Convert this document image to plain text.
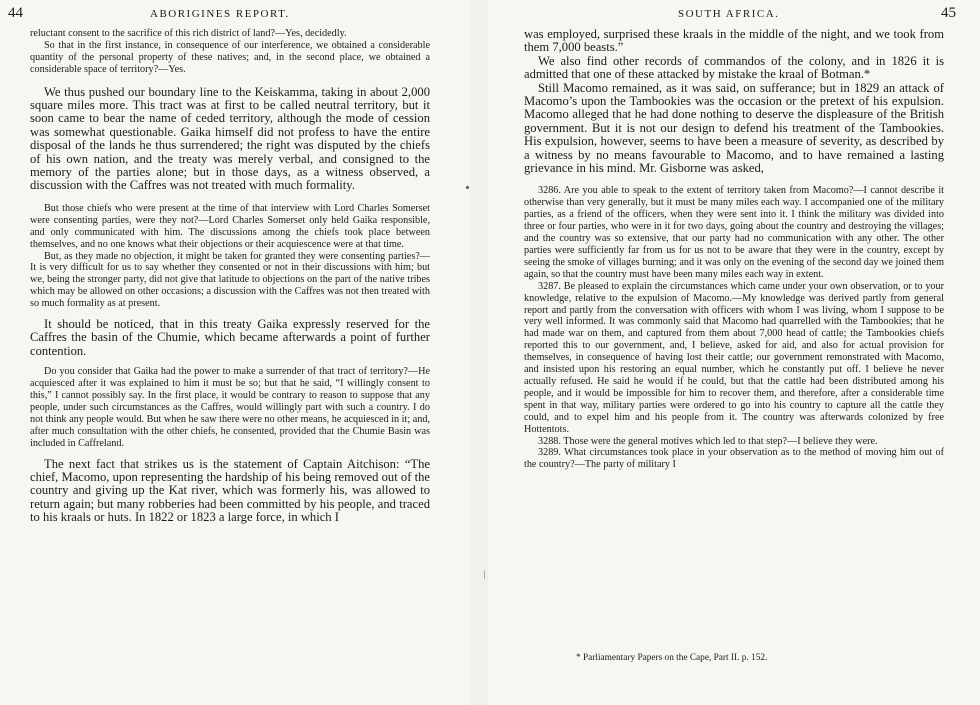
44	ABORIGINES REPORT.

reluctant consent to the sacrifice of this rich district of land?—Yes, decidedly.

So that in the first instance, in consequence of our interference, we obtained a considerable quantity of the personal property of these natives; and, in the second place, we obtained a considerable space of territory?—Yes.

We thus pushed our boundary line to the Keiskamma, taking in about 2,000 square miles more. This tract was at first to be called neutral territory, but it soon came to bear the name of ceded territory, although the mode of cession was somewhat questionable. Gaika himself did not profess to have the entire disposal of the lands he thus surrendered; the right was disputed by the chiefs of his own nation, and the treaty was merely verbal, and consigned to the memory of the parties alone; but in those days, as a witness observed, a discussion with the Caffres was not treated with much formality.

But those chiefs who were present at the time of that interview with Lord Charles Somerset were consenting parties, were they not?—Lord Charles Somerset only held Gaika responsible, and only communicated with him. The discussions among the chiefs took place between themselves, and no one knows what their objections or their acquiescence were at that time.

But, as they made no objection, it might be taken for granted they were consenting parties?—It is very difficult for us to say whether they consented or not in their discussions with him; but we, being the stronger party, did not give that latitude to objections on the part of the native tribes which may be allowed on other occasions; a discussion with the Caffres was not then treated with so much formality as at present.

It should be noticed, that in this treaty Gaika expressly reserved for the Caffres the basin of the Chumie, which became afterwards a point of further contention.

Do you consider that Gaika had the power to make a surrender of that tract of territory?—He acquiesced after it was explained to him it must be so; but that he said, “I willingly consent to this,” I cannot possibly say. In the first place, it would be contrary to reason to suppose that any people, under such circumstances as the Caffres, would willingly part with such a country. I do not think any people would. But when he saw there were no other means, he acquiesced in it; and, after much consultation with the other chiefs, he consented, provided that the Chumie Basin was included in Caffreland.

The next fact that strikes us is the statement of Captain Aitchison: “The chief, Macomo, upon representing the hardship of his being removed out of the country and giving up the Kat river, which was formerly his, was allowed to return again; but many robberies had been committed by his people, and traced to his kraals or huts. In 1822 or 1823 a large force, in which I

SOUTH AFRICA.	45

was employed, surprised these kraals in the middle of the night, and we took from them 7,000 beasts.”

We also find other records of commandos of the colony, and in 1826 it is admitted that one of these attacked by mistake the kraal of Botman.*

Still Macomo remained, as it was said, on sufferance; but in 1829 an attack of Macomo’s upon the Tambookies was the occasion or the pretext of his expulsion. Macomo alleged that he had done nothing to deserve the displeasure of the British government. But it is not our design to defend his treatment of the Tambookies. His expulsion, however, seems to have been a measure of severity, as described by a witness by no means favourable to Macomo, and to have remained a lasting grievance in his mind. Mr. Gisborne was asked,

3286. Are you able to speak to the extent of territory taken from Macomo?—I cannot describe it otherwise than very generally, but it must be many miles each way. I accompanied one of the military parties, as a friend of the officers, when they were sent into it. I think the military was divided into three or four parties, who were in it for two days, going about the country and destroying the villages; and the country was so extensive, that our party had no communication with any other. The other parties were sufficiently far from us for us not to be aware that they were in the country, except by seeing the smoke of villages burning; and it was only on the evening of the second day we joined them again, so that the country must have been many miles each way in extent.

3287. Be pleased to explain the circumstances which came under your own observation, or to your knowledge, relative to the expulsion of Macomo.—My knowledge was derived partly from general report and partly from the conversation with officers with whom I was living, whom I suppose to be very well informed. It was commonly said that Macomo had quarrelled with the Tambookies; that he had made war on them, and captured from them about 7,000 head of cattle; the Tambookies chiefs reported this to our government, and, I believe, asked for aid, and also for actual provision for themselves, in consequence of having lost their cattle; our government remonstrated with Macomo, and insisted upon his restoring an equal number, which he constantly put off. I believe he never actually refused. He said he would if he could, but that the cattle had been distributed among his people, and it would be impossible for him to recover them, and therefore, after a considerable time spent in that way, military parties were ordered to go into his country to capture all the cattle they could, and to expel him and his people from it. The country was afterwards colonized by free Hottentots.

3288. Those were the general motives which led to that step?—I believe they were.

3289. What circumstances took place in your observation as to the method of moving him out of the country?—The party of military I

* Parliamentary Papers on the Cape, Part II. p. 152.
